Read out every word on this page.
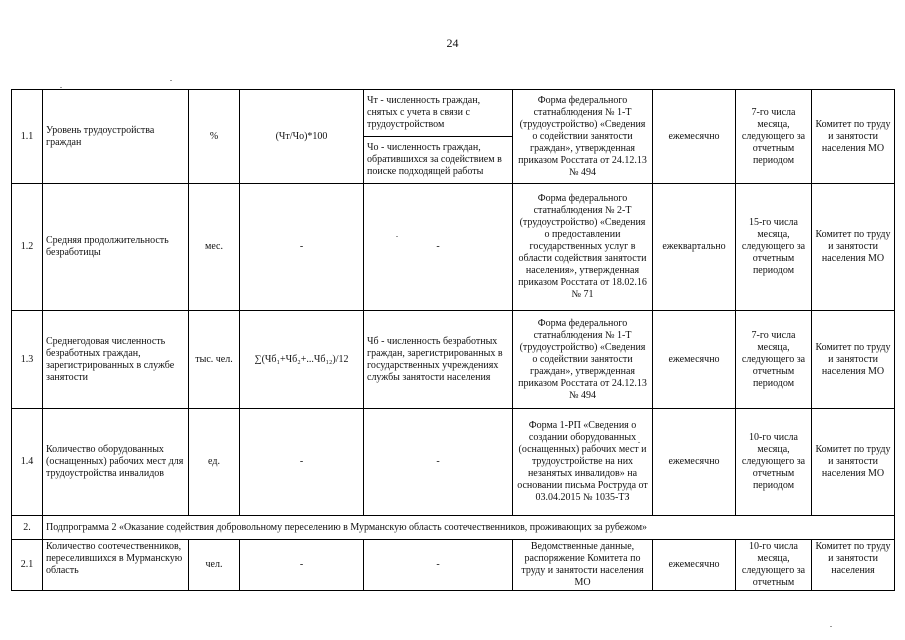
24
1.1	Уровень трудоустройства граждан	%	(Чт/Чо)*100	Чт - численность граждан, снятых с учета в связи с трудоустройством	Форма федерального статнаблюдения № 1-Т (трудоустройство) «Сведения о содействии занятости граждан», утвержденная приказом Росстата от 24.12.13 № 494	ежемесячно	7-го числа месяца, следующего за отчетным периодом	Комитет по труду и занятости населения МО
				Чо - численность граждан, обратившихся за содействием в поиске подходящей работы				
1.2	Средняя продолжительность безработицы	мес.	-	-	Форма федерального статнаблюдения № 2-Т (трудоустройство) «Сведения о предоставлении государственных услуг в области содействия занятости населения», утвержденная приказом Росстата от 18.02.16 № 71	ежеквартально	15-го числа месяца, следующего за отчетным периодом	Комитет по труду и занятости населения МО
1.3	Среднегодовая численность безработных граждан, зарегистрированных в службе занятости	тыс. чел.	∑(Чб₁+Чб₂+...Чб₁₂)/12	Чб - численность безработных граждан, зарегистрированных в государственных учреждениях службы занятости населения	Форма федерального статнаблюдения № 1-Т (трудоустройство) «Сведения о содействии занятости граждан», утвержденная приказом Росстата от 24.12.13 № 494	ежемесячно	7-го числа месяца, следующего за отчетным периодом	Комитет по труду и занятости населения МО
1.4	Количество оборудованных (оснащенных) рабочих мест для трудоустройства инвалидов	ед.	-	-	Форма 1-РП «Сведения о создании оборудованных (оснащенных) рабочих мест и трудоустройстве на них незанятых инвалидов» на основании письма Роструда от 03.04.2015 № 1035-ТЗ	ежемесячно	10-го числа месяца, следующего за отчетным периодом	Комитет по труду и занятости населения МО
2.	Подпрограмма 2 «Оказание содействия добровольному переселению в Мурманскую область соотечественников, проживающих за рубежом»							
2.1	Количество соотечественников, переселившихся в Мурманскую область	чел.	-	-	Ведомственные данные, распоряжение Комитета по труду и занятости населения МО	ежемесячно	10-го числа месяца, следующего за отчетным	Комитет по труду и занятости населения
